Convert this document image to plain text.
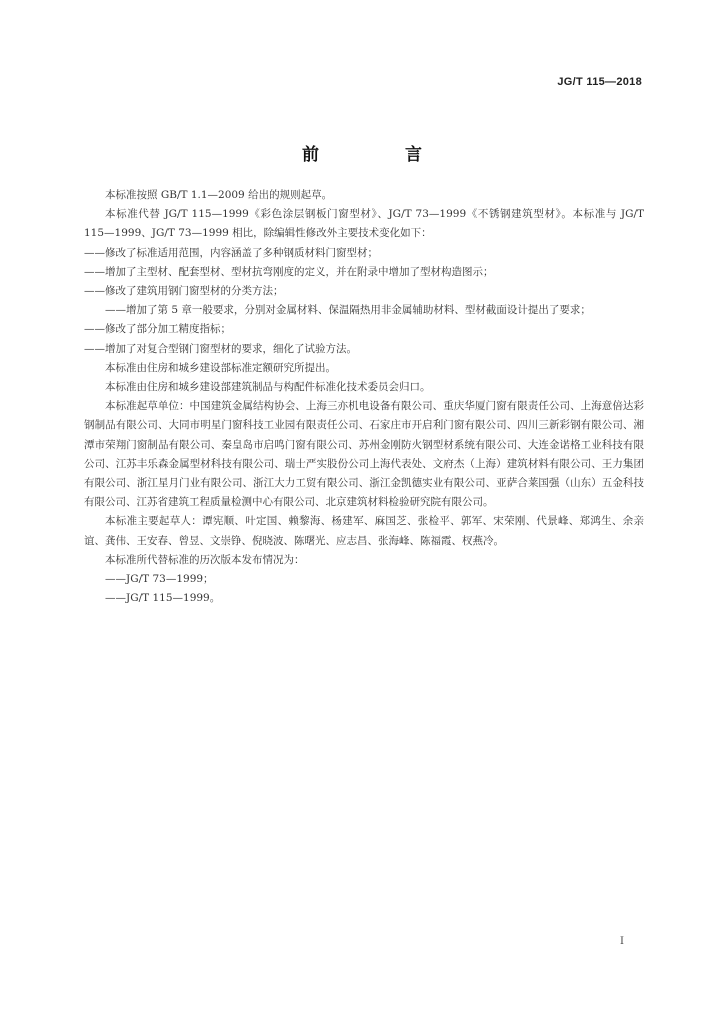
JG/T 115—2018
前 言

本标准按照 GB/T 1.1—2009 给出的规则起草。

本标准代替 JG/T 115—1999《彩色涂层钢板门窗型材》、JG/T 73—1999《不锈钢建筑型材》。本标准与 JG/T 115—1999、JG/T 73—1999 相比，除编辑性修改外主要技术变化如下：

——修改了标准适用范围，内容涵盖了多种钢质材料门窗型材；

——增加了主型材、配套型材、型材抗弯刚度的定义，并在附录中增加了型材构造图示；

——修改了建筑用钢门窗型材的分类方法；

——增加了第 5 章一般要求，分别对金属材料、保温隔热用非金属辅助材料、型材截面设计提出了要求；

——修改了部分加工精度指标；

——增加了对复合型钢门窗型材的要求，细化了试验方法。

本标准由住房和城乡建设部标准定额研究所提出。

本标准由住房和城乡建设部建筑制品与构配件标准化技术委员会归口。

本标准起草单位：中国建筑金属结构协会、上海三亦机电设备有限公司、重庆华厦门窗有限责任公司、上海意倍达彩钢制品有限公司、大同市明星门窗科技工业园有限责任公司、石家庄市开启利门窗有限公司、四川三新彩钢有限公司、湘潭市荣翔门窗制品有限公司、秦皇岛市启鸣门窗有限公司、苏州金刚防火钢型材系统有限公司、大连金诺格工业科技有限公司、江苏丰乐森金属型材科技有限公司、瑞士严实股份公司上海代表处、文府杰（上海）建筑材料有限公司、王力集团有限公司、浙江星月门业有限公司、浙江大力工贸有限公司、浙江金凯德实业有限公司、亚萨合莱国强（山东）五金科技有限公司、江苏省建筑工程质量检测中心有限公司、北京建筑材料检验研究院有限公司。

本标准主要起草人：谭宪顺、叶定国、赖黎海、杨建军、麻国芝、张检平、郭军、宋荣刚、代景峰、郑鸿生、余亲谊、龚伟、王安春、曾昱、文崇铮、倪晓波、陈曙光、应志昌、张海峰、陈福霞、杈燕冷。

本标准所代替标准的历次版本发布情况为：

——JG/T 73—1999；

——JG/T 115—1999。

I
